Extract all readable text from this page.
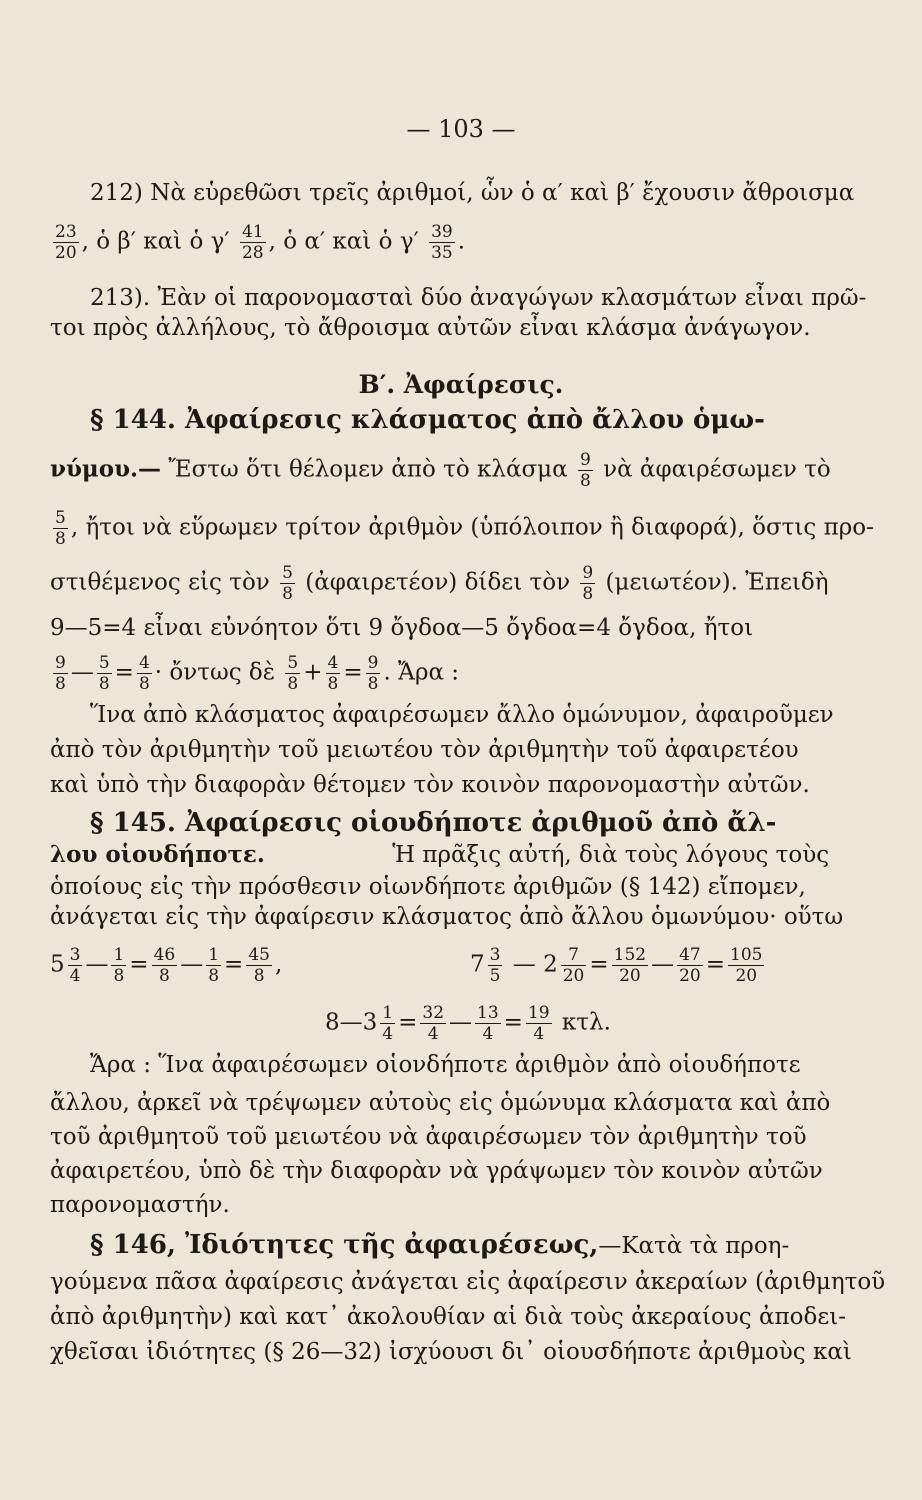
— 103 —
212) Νὰ εὑρεθῶσι τρεῖς ἀριθμοί, ὧν ὁ α′ καὶ β′ ἔχουσιν ἄθροισμα
$\frac{23}{20}$ , ὁ β′ καὶ ὁ $\gamma' \frac{41}{28}$ , ὁ α′ καὶ ὁ $\gamma' \frac{39}{35}$ .
213). Ἐὰν οἱ παρονομασταὶ δύο ἀναγώγων κλασμάτων εἶναι πρῶ-
τοι πρὸς ἀλλήλους, τὸ ἄθροισμα αὐτῶν εἶναι κλάσμα ἀνάγωγον.
Β′. Ἀφαίρεσις.
§ 144. Ἀφαίρεσις κλάσματος ἀπὸ ἄλλου ὁμω-
νύμου.— Ἔστω ὅτι θέλομεν ἀπὸ τὸ κλάσμα $\frac{9}{8}$ νὰ ἀφαιρέσωμεν τὸ
$\frac{5}{8}$ , ἤτοι νὰ εὕρωμεν τρίτον ἀριθμὸν (ὑπόλοιπον ἢ διαφορά), ὅστις προ-
στιθέμενος εἰς τὸν $\frac{5}{8}$ (ἀφαιρετέον) δίδει τὸν $\frac{9}{8} (\mu\varepsilon\iota\omega\tau έo\nu)$. Ἐπειδὴ
9—5=4 εἶναι εὐνόητον ὅτι 9 ὄγδοα—5 ὄγδοα=4 ὄγδοα, ἤτοι
$\frac{9}{8}$ — $\frac{5}{8} = \frac{4}{8}$ · ὄντως δὲ $\frac{5}{8} + \frac{4}{8} = \frac{9}{8}$ . Ἄρα :
Ἵνα ἀπὸ κλάσματος ἀφαιρέσωμεν ἄλλο ὁμώνυμον, ἀφαιροῦμεν
ἀπὸ τὸν ἀριθμητὴν τοῦ μειωτέου τὸν ἀριθμητὴν τοῦ ἀφαιρετέου
καὶ ὑπὸ τὴν διαφορὰν θέτομεν τὸν κοινὸν παρονομαστὴν αὐτῶν.
§ 145. Ἀφαίρεσις οἱουδήποτε ἀριθμοῦ ἀπὸ ἄλ-
λου οἱουδήποτε.	Ἡ πρᾶξις αὐτή, διὰ τοὺς λόγους τοὺς
ὁποίους εἰς τὴν πρόσθεσιν οἱωνδήποτε ἀριθμῶν (§ 142) εἴπομεν,
ἀνάγεται εἰς τὴν ἀφαίρεσιν κλάσματος ἀπὸ ἄλλου ὁμωνύμου· οὕτω
$5 \frac{3}{4}$ — $\frac{1}{8} = \frac{46}{8}$ — $\frac{1}{8} = \frac{45}{8}$ ,	$7 \frac{3}{5}$ — $2 \frac{7}{20} = \frac{152}{20}$ — $\frac{47}{20} = \frac{105}{20}$
8—3 $\frac{1}{4} = \frac{32}{4}$ — $\frac{13}{4} = \frac{19}{4} \kappa\tau\lambda$.
Ἄρα : Ἵνα ἀφαιρέσωμεν οἱονδήποτε ἀριθμὸν ἀπὸ οἱουδήποτε
ἄλλου, ἀρκεῖ νὰ τρέψωμεν αὐτοὺς εἰς ὁμώνυμα κλάσματα καὶ ἀπὸ
τοῦ ἀριθμητοῦ τοῦ μειωτέου νὰ ἀφαιρέσωμεν τὸν ἀριθμητὴν τοῦ
ἀφαιρετέου, ὑπὸ δὲ τὴν διαφορὰν νὰ γράψωμεν τὸν κοινὸν αὐτῶν
παρονομαστήν.
§ 146, Ἰδιότητες τῆς ἀφαιρέσεως,—Κατὰ τὰ προη-
γούμενα πᾶσα ἀφαίρεσις ἀνάγεται εἰς ἀφαίρεσιν ἀκεραίων (ἀριθμητοῦ
ἀπὸ ἀριθμητὴν) καὶ κατ᾽ ἀκολουθίαν αἱ διὰ τοὺς ἀκεραίους ἀποδει-
χθεῖσαι ἰδιότητες (§ 26—32) ἰσχύουσι δι᾽ οἱουσδήποτε ἀριθμοὺς καὶ
